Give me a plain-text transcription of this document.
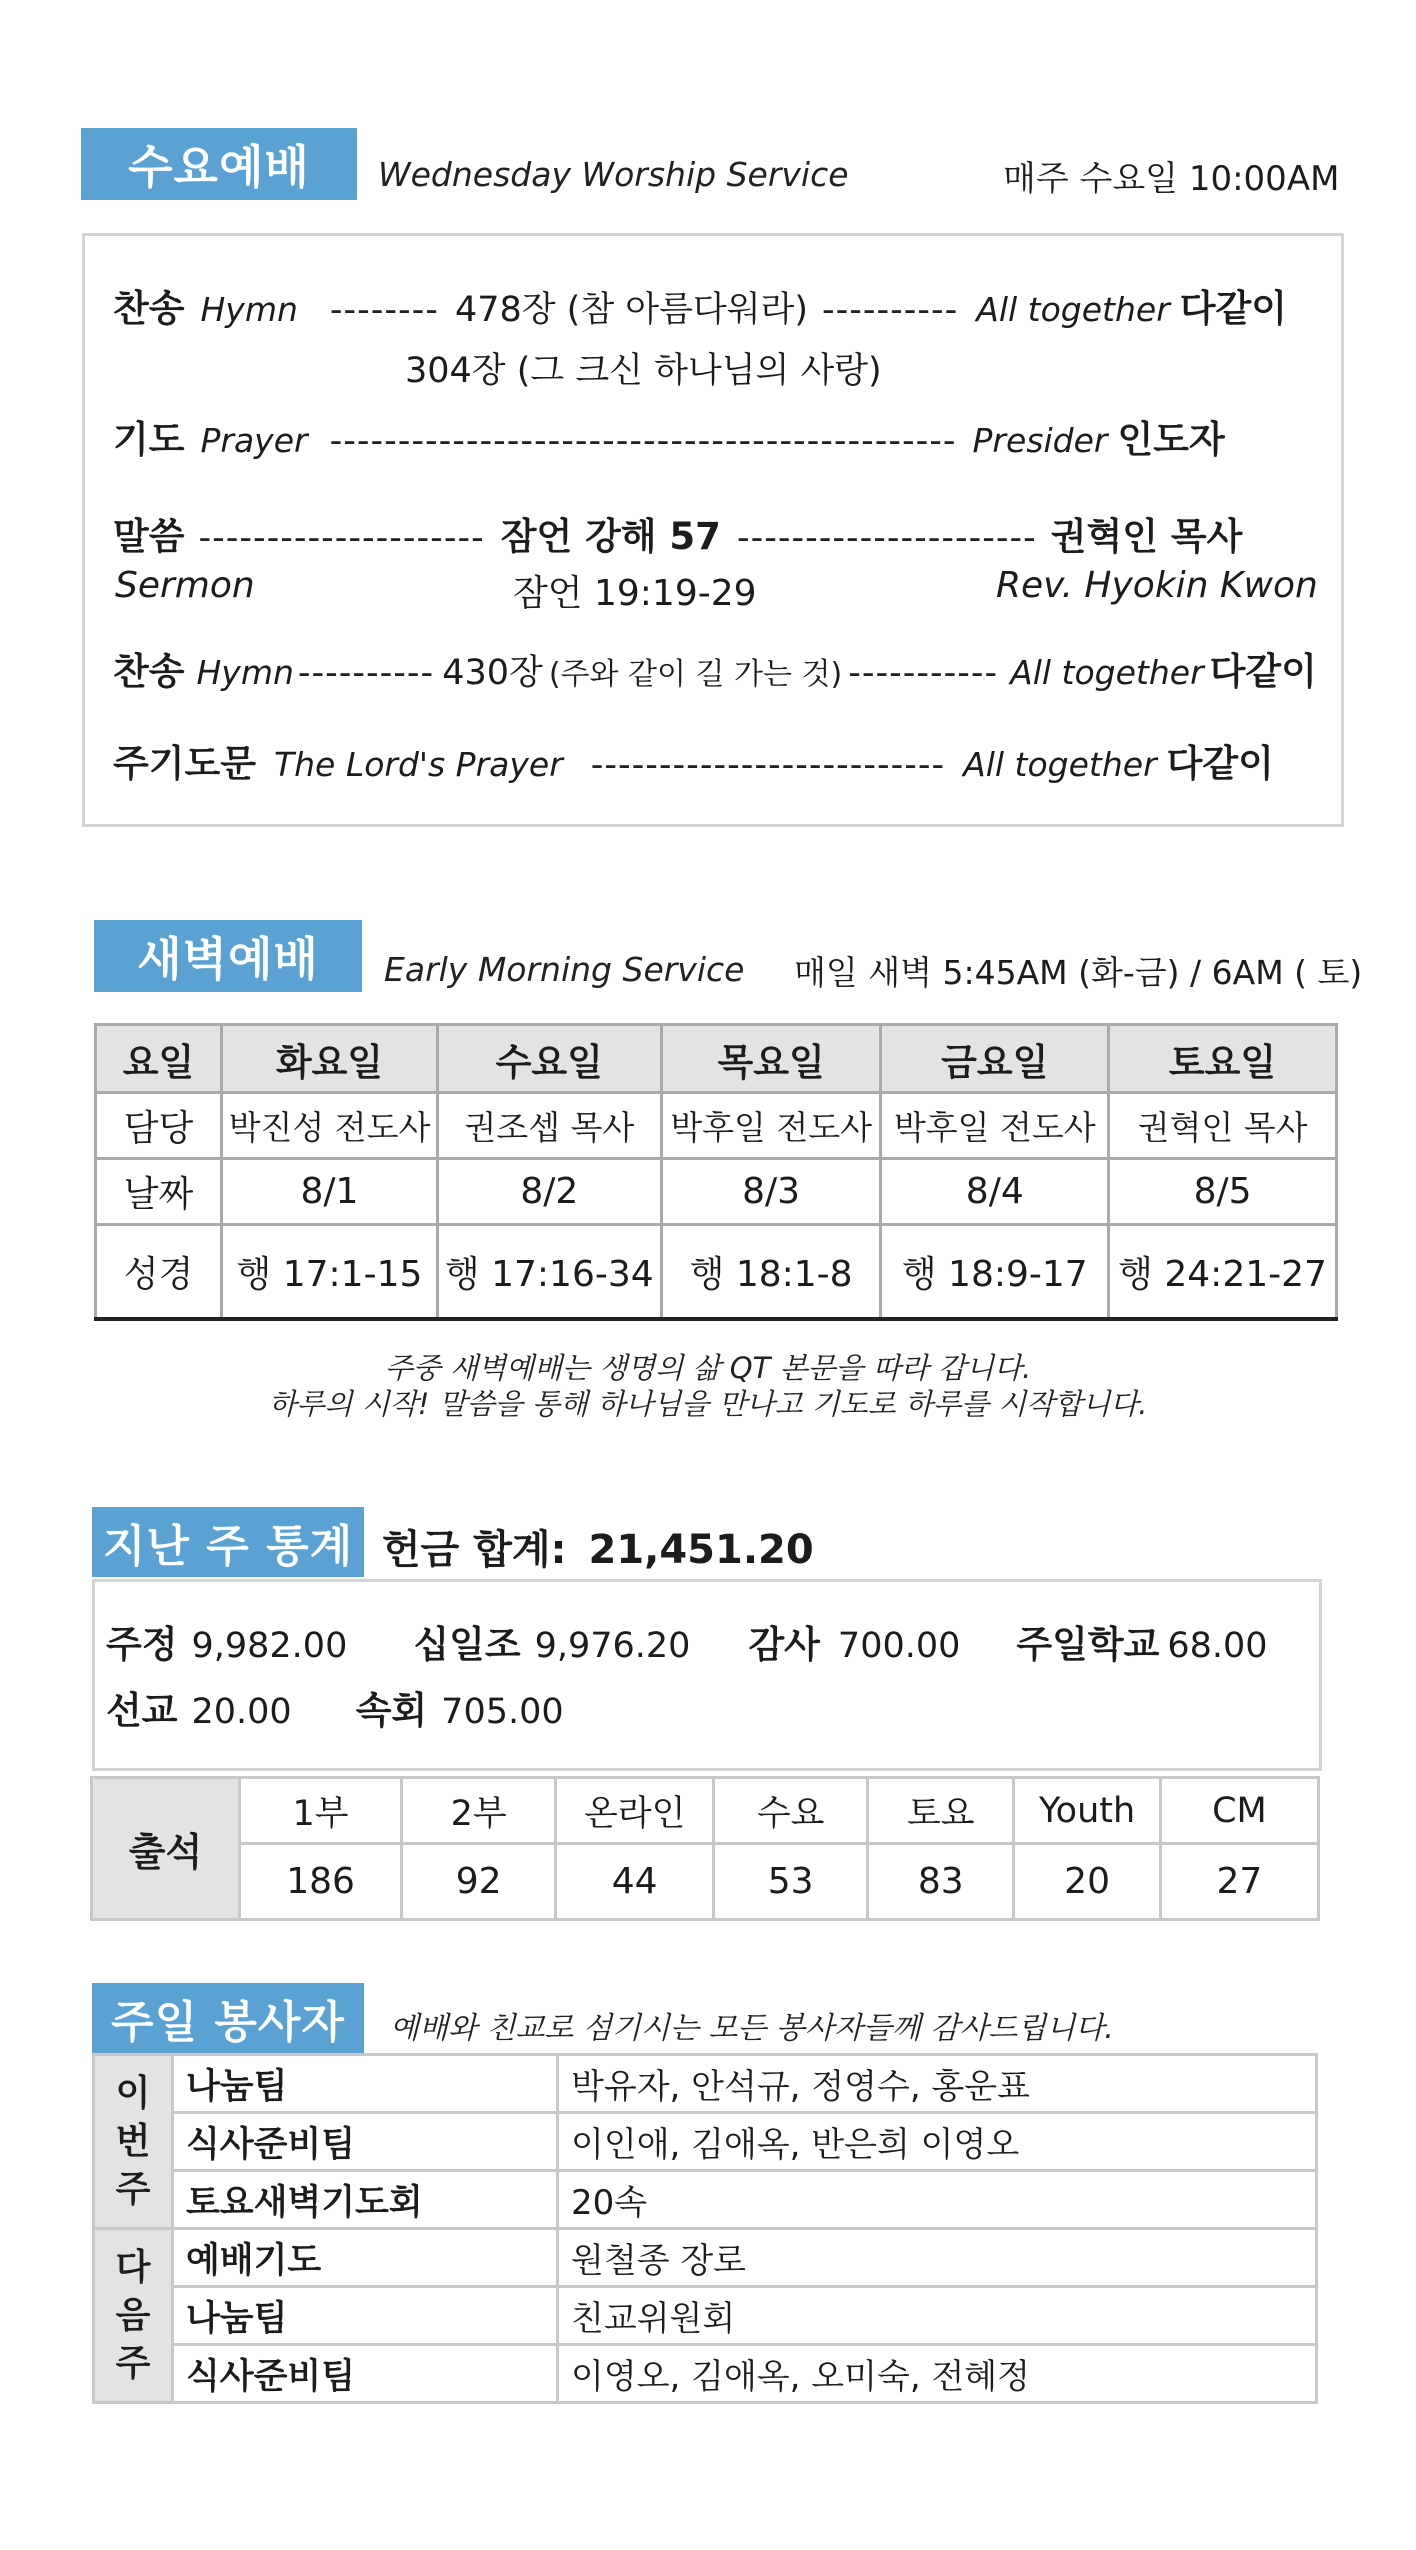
수요예배	Wednesday Worship Service	매주 수요일 10:00AM
찬송 Hymn -------- 478장 (참 아름다워라) ---------- All together 다같이
304장 (그 크신 하나님의 사랑)
기도 Prayer ---------------------------------------------- Presider 인도자
말씀 --------------------- 잠언 강해 57 ---------------------- 권혁인 목사
Sermon	잠언 19:19-29	Rev. Hyokin Kwon
찬송 Hymn ---------- 430장 (주와 같이 길 가는 것) ----------- All together 다같이
주기도문 The Lord's Prayer -------------------------- All together 다같이
새벽예배	Early Morning Service 매일 새벽 5:45AM (화-금) / 6AM ( 토)
요일	화요일	수요일	목요일	금요일	토요일
담당	박진성 전도사	권조셉 목사	박후일 전도사	박후일 전도사	권혁인 목사
날짜	8/1	8/2	8/3	8/4	8/5
성경	행 17:1-15	행 17:16-34	행 18:1-8	행 18:9-17	행 24:21-27
주중 새벽예배는 생명의 삶 QT 본문을 따라 갑니다.
하루의 시작! 말씀을 통해 하나님을 만나고 기도로 하루를 시작합니다.
지난 주 통계 헌금 합계: 21,451.20
주정 9,982.00 십일조 9,976.20 감사 700.00 주일학교 68.00
선교 20.00 속회 705.00
출석	1부	2부	온라인	수요	토요	Youth	CM
	186	92	44	53	83	20	27
주일 봉사자	예배와 친교로 섬기시는 모든 봉사자들께 감사드립니다.
이
번
주	나눔팀	박유자, 안석규, 정영수, 홍운표
	식사준비팀	이인애, 김애옥, 반은희 이영오
	토요새벽기도회	20속
다
음
주	예배기도	원철종 장로
	나눔팀	친교위원회
	식사준비팀	이영오, 김애옥, 오미숙, 전혜정
